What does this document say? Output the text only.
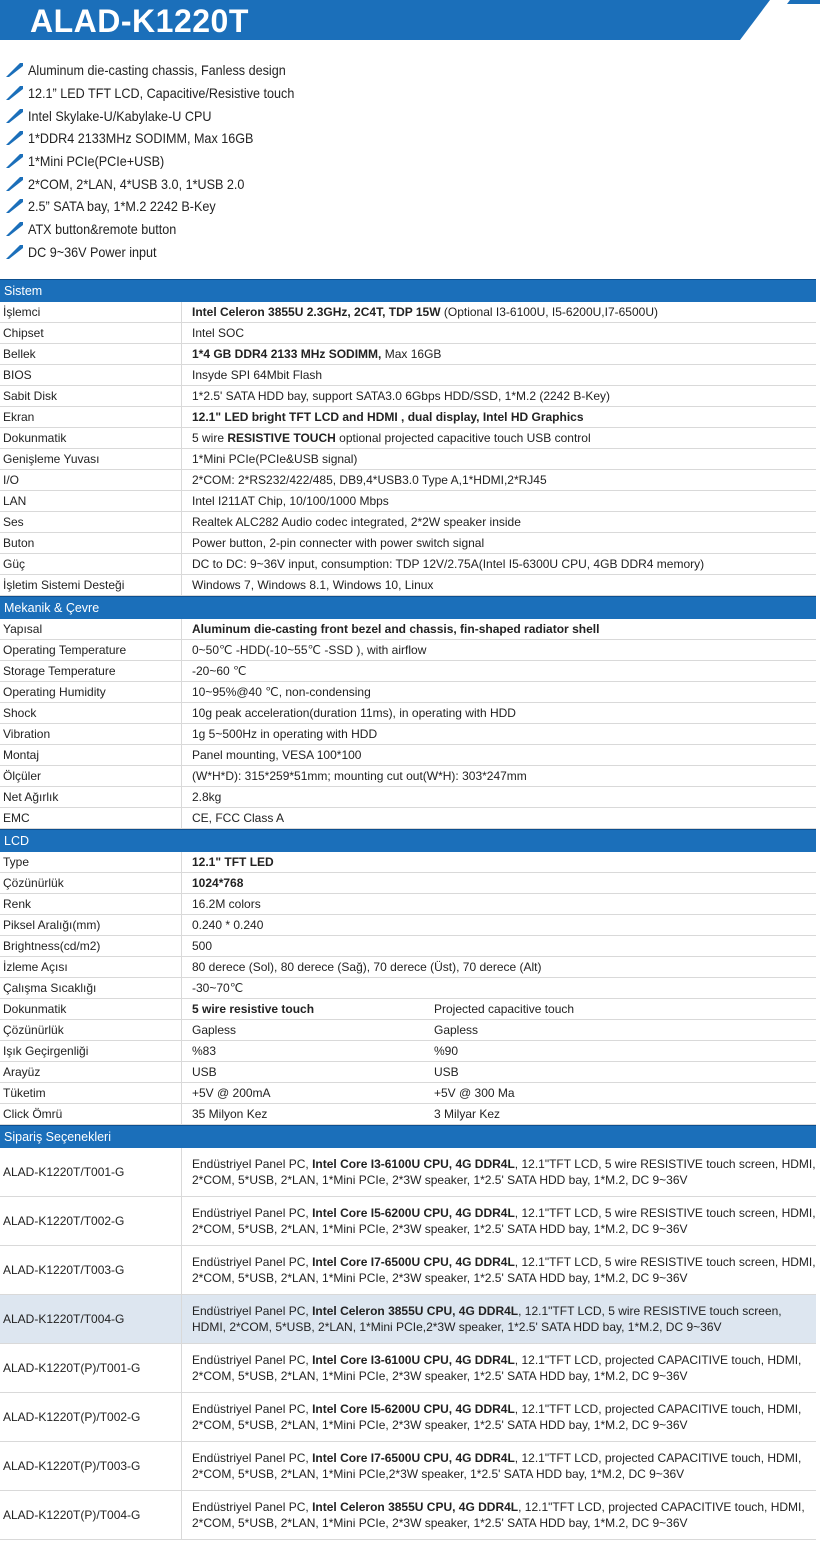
ALAD-K1220T
Aluminum die-casting chassis, Fanless design
12.1” LED TFT LCD, Capacitive/Resistive touch
Intel Skylake-U/Kabylake-U CPU
1*DDR4 2133MHz SODIMM, Max 16GB
1*Mini PCIe(PCIe+USB)
2*COM, 2*LAN, 4*USB 3.0, 1*USB 2.0
2.5” SATA bay, 1*M.2 2242 B-Key
ATX button&remote button
DC 9~36V Power input
Sistem
İşlemci	Intel Celeron 3855U 2.3GHz, 2C4T, TDP 15W (Optional I3-6100U, I5-6200U,I7-6500U)
Chipset	Intel SOC
Bellek	1*4 GB DDR4 2133 MHz SODIMM, Max 16GB
BIOS	Insyde SPI 64Mbit Flash
Sabit Disk	1*2.5' SATA HDD bay, support SATA3.0 6Gbps HDD/SSD, 1*M.2 (2242 B-Key)
Ekran	12.1" LED bright TFT LCD and HDMI , dual display, Intel HD Graphics
Dokunmatik	5 wire RESISTIVE TOUCH optional projected capacitive touch USB control
Genişleme Yuvası	1*Mini PCIe(PCIe&USB signal)
I/O	2*COM: 2*RS232/422/485, DB9,4*USB3.0 Type A,1*HDMI,2*RJ45
LAN	Intel I211AT Chip, 10/100/1000 Mbps
Ses	Realtek ALC282 Audio codec integrated, 2*2W speaker inside
Buton	Power button, 2-pin connecter with power switch signal
Güç	DC to DC: 9~36V input, consumption: TDP 12V/2.75A(Intel I5-6300U CPU, 4GB DDR4 memory)
İşletim Sistemi Desteği	Windows 7, Windows 8.1, Windows 10, Linux
Mekanik & Çevre
Yapısal	Aluminum die-casting front bezel and chassis, fin-shaped radiator shell
Operating Temperature	0~50℃ -HDD(-10~55℃ -SSD ), with airflow
Storage Temperature	-20~60 ℃
Operating Humidity	10~95%@40 ℃, non-condensing
Shock	10g peak acceleration(duration 11ms), in operating with HDD
Vibration	1g 5~500Hz in operating with HDD
Montaj	Panel mounting, VESA 100*100
Ölçüler	(W*H*D): 315*259*51mm; mounting cut out(W*H): 303*247mm
Net Ağırlık	2.8kg
EMC	CE, FCC Class A
LCD
Type	12.1" TFT LED
Çözünürlük	1024*768
Renk	16.2M colors
Piksel Aralığı(mm)	0.240 * 0.240
Brightness(cd/m2)	500
İzleme Açısı	80 derece (Sol), 80 derece (Sağ), 70 derece (Üst), 70 derece (Alt)
Çalışma Sıcaklığı	-30~70℃
Dokunmatik	5 wire resistive touch	Projected capacitive touch
Çözünürlük	Gapless	Gapless
Işık Geçirgenliği	%83	%90
Arayüz	USB	USB
Tüketim	+5V @ 200mA	+5V @ 300 Ma
Click Ömrü	35 Milyon Kez	3 Milyar Kez
Sipariş Seçenekleri
ALAD-K1220T/T001-G
Endüstriyel Panel PC, Intel Core I3-6100U CPU, 4G DDR4L, 12.1"TFT LCD, 5 wire RESISTIVE touch screen, HDMI, 2*COM, 5*USB, 2*LAN, 1*Mini PCIe, 2*3W speaker, 1*2.5' SATA HDD bay, 1*M.2, DC 9~36V
ALAD-K1220T/T002-G
Endüstriyel Panel PC, Intel Core I5-6200U CPU, 4G DDR4L, 12.1"TFT LCD, 5 wire RESISTIVE touch screen, HDMI, 2*COM, 5*USB, 2*LAN, 1*Mini PCIe, 2*3W speaker, 1*2.5' SATA HDD bay, 1*M.2, DC 9~36V
ALAD-K1220T/T003-G
Endüstriyel Panel PC, Intel Core I7-6500U CPU, 4G DDR4L, 12.1"TFT LCD, 5 wire RESISTIVE touch screen, HDMI, 2*COM, 5*USB, 2*LAN, 1*Mini PCIe, 2*3W speaker, 1*2.5' SATA HDD bay, 1*M.2, DC 9~36V
ALAD-K1220T/T004-G
Endüstriyel Panel PC, Intel Celeron 3855U CPU, 4G DDR4L, 12.1"TFT LCD, 5 wire RESISTIVE touch screen, HDMI, 2*COM, 5*USB, 2*LAN, 1*Mini PCIe,2*3W speaker, 1*2.5' SATA HDD bay, 1*M.2, DC 9~36V
ALAD-K1220T(P)/T001-G
Endüstriyel Panel PC, Intel Core I3-6100U CPU, 4G DDR4L, 12.1"TFT LCD, projected CAPACITIVE touch, HDMI, 2*COM, 5*USB, 2*LAN, 1*Mini PCIe, 2*3W speaker, 1*2.5' SATA HDD bay, 1*M.2, DC 9~36V
ALAD-K1220T(P)/T002-G
Endüstriyel Panel PC, Intel Core I5-6200U CPU, 4G DDR4L, 12.1"TFT LCD, projected CAPACITIVE touch, HDMI, 2*COM, 5*USB, 2*LAN, 1*Mini PCIe, 2*3W speaker, 1*2.5' SATA HDD bay, 1*M.2, DC 9~36V
ALAD-K1220T(P)/T003-G
Endüstriyel Panel PC, Intel Core I7-6500U CPU, 4G DDR4L, 12.1"TFT LCD, projected CAPACITIVE touch, HDMI, 2*COM, 5*USB, 2*LAN, 1*Mini PCIe,2*3W speaker, 1*2.5' SATA HDD bay, 1*M.2, DC 9~36V
ALAD-K1220T(P)/T004-G
Endüstriyel Panel PC, Intel Celeron 3855U CPU, 4G DDR4L, 12.1"TFT LCD, projected CAPACITIVE touch, HDMI, 2*COM, 5*USB, 2*LAN, 1*Mini PCIe, 2*3W speaker, 1*2.5' SATA HDD bay, 1*M.2, DC 9~36V
